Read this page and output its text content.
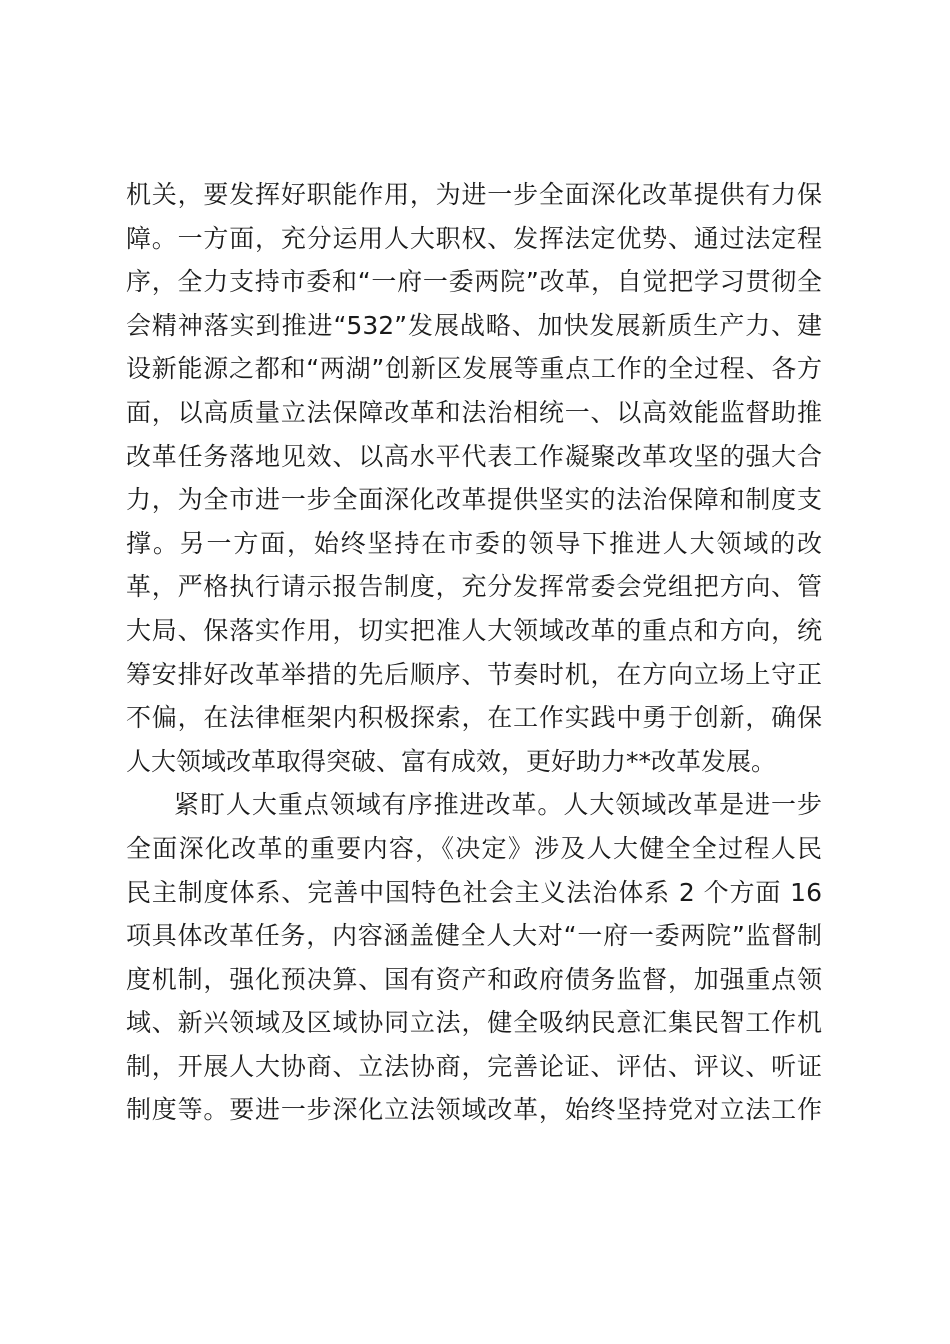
机关，要发挥好职能作用，为进一步全面深化改革提供有力保
障。一方面，充分运用人大职权、发挥法定优势、通过法定程
序，全力支持市委和“一府一委两院”改革，自觉把学习贯彻全
会精神落实到推进“532”发展战略、加快发展新质生产力、建
设新能源之都和“两湖”创新区发展等重点工作的全过程、各方
面，以高质量立法保障改革和法治相统一、以高效能监督助推
改革任务落地见效、以高水平代表工作凝聚改革攻坚的强大合
力，为全市进一步全面深化改革提供坚实的法治保障和制度支
撑。另一方面，始终坚持在市委的领导下推进人大领域的改
革，严格执行请示报告制度，充分发挥常委会党组把方向、管
大局、保落实作用，切实把准人大领域改革的重点和方向，统
筹安排好改革举措的先后顺序、节奏时机，在方向立场上守正
不偏，在法律框架内积极探索，在工作实践中勇于创新，确保
人大领域改革取得突破、富有成效，更好助力**改革发展。
紧盯人大重点领域有序推进改革。人大领域改革是进一步
全面深化改革的重要内容，《决定》涉及人大健全全过程人民
民主制度体系、完善中国特色社会主义法治体系 2 个方面 16
项具体改革任务，内容涵盖健全人大对“一府一委两院”监督制
度机制，强化预决算、国有资产和政府债务监督，加强重点领
域、新兴领域及区域协同立法，健全吸纳民意汇集民智工作机
制，开展人大协商、立法协商，完善论证、评估、评议、听证
制度等。要进一步深化立法领域改革，始终坚持党对立法工作
